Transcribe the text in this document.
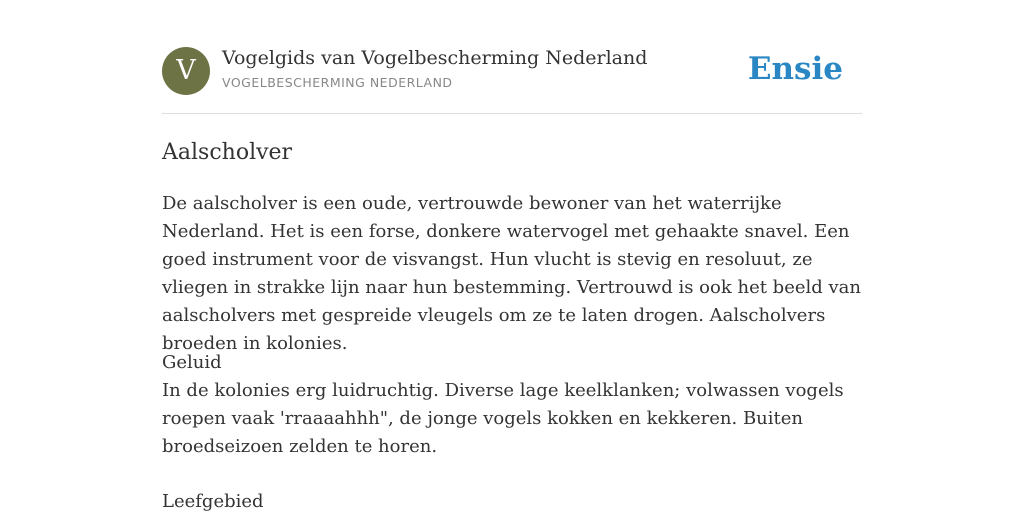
V	Vogelgids van Vogelbescherming Nederland
VOGELBESCHERMING NEDERLAND	Ensie
Aalscholver

De aalscholver is een oude, vertrouwde bewoner van het waterrijke Nederland. Het is een forse, donkere watervogel met gehaakte snavel. Een goed instrument voor de visvangst. Hun vlucht is stevig en resoluut, ze vliegen in strakke lijn naar hun bestemming. Vertrouwd is ook het beeld van aalscholvers met gespreide vleugels om ze te laten drogen. Aalscholvers broeden in kolonies.

Geluid
In de kolonies erg luidruchtig. Diverse lage keelklanken; volwassen vogels roepen vaak 'rraaaahhh", de jonge vogels kokken en kekkeren. Buiten broedseizoen zelden te horen.
Leefgebied
